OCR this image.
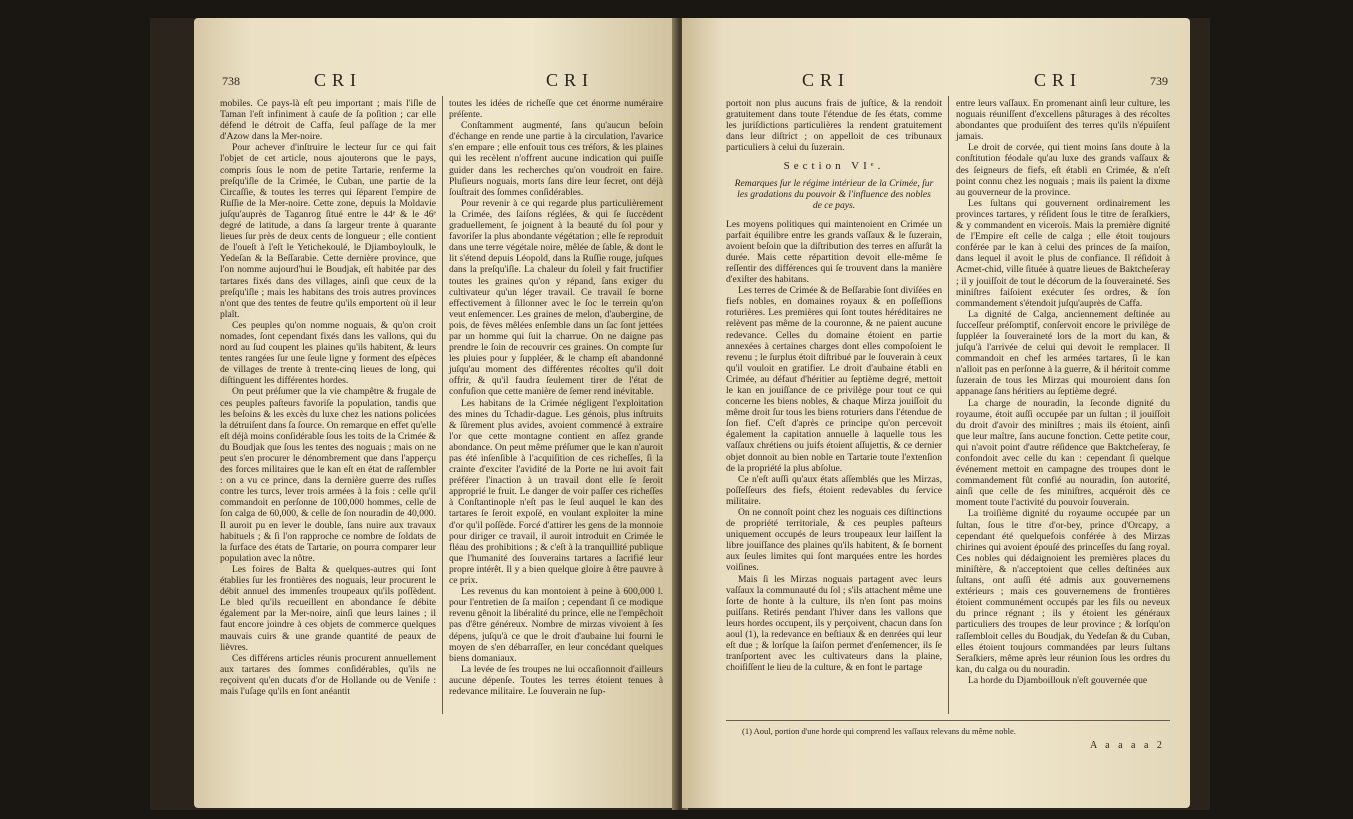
738	CRI	CRI

mobiles. Ce pays-là eſt peu important ; mais l'iſle de Taman l'eſt infiniment à cauſe de ſa poſition ; car elle défend le détroit de Caffa, ſeul paſſage de la mer d'Azow dans la Mer-noire.

Pour achever d'inſtruire le lecteur ſur ce qui fait l'objet de cet article, nous ajouterons que le pays, compris ſous le nom de petite Tartarie, renferme la preſqu'iſle de la Crimée, le Cuban, une partie de la Circaſſie, & toutes les terres qui ſéparent l'empire de Ruſſie de la Mer-noire. Cette zone, depuis la Moldavie juſqu'auprès de Taganrog ſitué entre le 44ᵉ & le 46ᵉ degré de latitude, a dans ſa largeur trente à quarante lieues ſur près de deux cents de longueur ; elle contient de l'oueſt à l'eſt le Yetichekoulé, le Djiamboyloulk, le Yedeſan & la Beſſarabie. Cette dernière province, que l'on nomme aujourd'hui le Boudjak, eſt habitée par des tartares fixés dans des villages, ainſi que ceux de la preſqu'iſle ; mais les habitans des trois autres provinces n'ont que des tentes de feutre qu'ils emportent où il leur plaît.

Ces peuples qu'on nomme noguais, & qu'on croit nomades, ſont cependant fixés dans les vallons, qui du nord au ſud coupent les plaines qu'ils habitent, & leurs tentes rangées ſur une ſeule ligne y forment des eſpèces de villages de trente à trente-cinq lieues de long, qui diſtinguent les différentes hordes.

On peut préſumer que la vie champêtre & frugale de ces peuples paſteurs favoriſe la population, tandis que les beſoins & les excès du luxe chez les nations policées la détruiſent dans ſa ſource. On remarque en effet qu'elle eſt déjà moins conſidérable ſous les toits de la Crimée & du Boudjak que ſous les tentes des noguais ; mais on ne peut s'en procurer le dénombrement que dans l'apperçu des forces militaires que le kan eſt en état de raſſembler : on a vu ce prince, dans la dernière guerre des ruſſes contre les turcs, lever trois armées à la fois : celle qu'il commandoit en perſonne de 100,000 hommes, celle de ſon calga de 60,000, & celle de ſon nouradin de 40,000. Il auroit pu en lever le double, ſans nuire aux travaux habituels ; & ſi l'on rapproche ce nombre de ſoldats de la ſurface des états de Tartarie, on pourra comparer leur population avec la nôtre.

Les foires de Balta & quelques-autres qui ſont établies ſur les frontières des noguais, leur procurent le débit annuel des immenſes troupeaux qu'ils poſſèdent. Le bled qu'ils recueillent en abondance ſe débite également par la Mer-noire, ainſi que leurs laines ; il faut encore joindre à ces objets de commerce quelques mauvais cuirs & une grande quantité de peaux de lièvres.

Ces différens articles réunis procurent annuellement aux tartares des ſommes conſidérables, qu'ils ne reçoivent qu'en ducats d'or de Hollande ou de Veniſe : mais l'uſage qu'ils en ſont anéantit

toutes les idées de richeſſe que cet énorme numéraire préſente.

Conſtamment augmenté, ſans qu'aucun beſoin d'échange en rende une partie à la circulation, l'avarice s'en empare ; elle enfouit tous ces tréſors, & les plaines qui les recèlent n'offrent aucune indication qui puiſſe guider dans les recherches qu'on voudroit en faire. Pluſieurs noguais, morts ſans dire leur ſecret, ont déjà ſouſtrait des ſommes conſidérables.

Pour revenir à ce qui regarde plus particulièrement la Crimée, des ſaiſons réglées, & qui ſe ſuccèdent graduellement, ſe joignent à la beauté du ſol pour y favoriſer la plus abondante végétation ; elle ſe reproduit dans une terre végétale noire, mêlée de ſable, & dont le lit s'étend depuis Léopold, dans la Ruſſie rouge, juſques dans la preſqu'iſle. La chaleur du ſoleil y fait fructifier toutes les graines qu'on y répand, ſans exiger du cultivateur qu'un léger travail. Ce travail ſe borne effectivement à ſillonner avec le ſoc le terrein qu'on veut enſemencer. Les graines de melon, d'aubergine, de pois, de fèves mêlées enſemble dans un ſac ſont jettées par un homme qui ſuit la charrue. On ne daigne pas prendre le ſoin de recouvrir ces graines. On compte ſur les pluies pour y ſuppléer, & le champ eſt abandonné juſqu'au moment des différentes récoltes qu'il doit offrir, & qu'il faudra ſeulement tirer de l'état de confuſion que cette manière de ſemer rend inévitable.

Les habitans de la Crimée négligent l'exploitation des mines du Tchadir-dague. Les génois, plus inſtruits & ſûrement plus avides, avoient commencé à extraire l'or que cette montagne contient en aſſez grande abondance. On peut même préſumer que le kan n'auroit pas été inſenſible à l'acquiſition de ces richeſſes, ſi la crainte d'exciter l'avidité de la Porte ne lui avoit fait préférer l'inaction à un travail dont elle ſe ſeroit approprié le fruit. Le danger de voir paſſer ces richeſſes à Conſtantinople n'eſt pas le ſeul auquel le kan des tartares ſe ſeroit expoſé, en voulant exploiter la mine d'or qu'il poſſède. Forcé d'attirer les gens de la monnoie pour diriger ce travail, il auroit introduit en Crimée le fléau des prohibitions ; & c'eſt à la tranquillité publique que l'humanité des ſouverains tartares a ſacrifié leur propre intérêt. Il y a bien quelque gloire à être pauvre à ce prix.

Les revenus du kan montoient à peine à 600,000 l. pour l'entretien de ſa maiſon ; cependant ſi ce modique revenu gênoit la libéralité du prince, elle ne l'empêchoit pas d'être généreux. Nombre de mirzas vivoient à ſes dépens, juſqu'à ce que le droit d'aubaine lui fourni le moyen de s'en débarraſſer, en leur concédant quelques biens domaniaux.

La levée de ſes troupes ne lui occaſionnoit d'ailleurs aucune dépenſe. Toutes les terres étoient tenues à redevance militaire. Le ſouverain ne ſup-

CRI	CRI	739

portoit non plus aucuns frais de juſtice, & la rendoit gratuitement dans toute l'étendue de ſes états, comme les juriſdictions particulières la rendent gratuitement dans leur diſtrict ; on appelloit de ces tribunaux particuliers à celui du ſuzerain.

Section VIᵉ.
Remarques ſur le régime intérieur de la Crimée, ſur les gradations du pouvoir & l'influence des nobles de ce pays.

Les moyens politiques qui maintenoient en Crimée un parfait équilibre entre les grands vaſſaux & le ſuzerain, avoient beſoin que la diſtribution des terres en aſſurât la durée. Mais cette répartition devoit elle-même ſe reſſentir des différences qui ſe trouvent dans la manière d'exiſter des habitans.

Les terres de Crimée & de Beſſarabie ſont diviſées en fiefs nobles, en domaines royaux & en poſſeſſions roturières. Les premières qui ſont toutes héréditaires ne relèvent pas même de la couronne, & ne paient aucune redevance. Celles du domaine étoient en partie annexées à certaines charges dont elles compoſoient le revenu ; le ſurplus étoit diſtribué par le ſouverain à ceux qu'il vouloit en gratifier. Le droit d'aubaine établi en Crimée, au défaut d'héritier au ſeptième degré, mettoit le kan en jouiſſance de ce privilège pour tout ce qui concerne les biens nobles, & chaque Mirza jouiſſoit du même droit ſur tous les biens roturiers dans l'étendue de ſon fief. C'eſt d'après ce principe qu'on percevoit également la capitation annuelle à laquelle tous les vaſſaux chrétiens ou juifs étoient aſſujettis, & ce dernier objet donnoit au bien noble en Tartarie toute l'extenſion de la propriété la plus abſolue.

Ce n'eſt auſſi qu'aux états aſſemblés que les Mirzas, poſſeſſeurs des fiefs, étoient redevables du ſervice militaire.

On ne connoît point chez les noguais ces diſtinctions de propriété territoriale, & ces peuples paſteurs uniquement occupés de leurs troupeaux leur laiſſent la libre jouiſſance des plaines qu'ils habitent, & ſe bornent aux ſeules limites qui ſont marquées entre les hordes voiſines.

Mais ſi les Mirzas noguais partagent avec leurs vaſſaux la communauté du ſol ; s'ils attachent même une ſorte de honte à la culture, ils n'en ſont pas moins puiſſans. Retirés pendant l'hiver dans les vallons que leurs hordes occupent, ils y perçoivent, chacun dans ſon aoul (1), la redevance en beſtiaux & en denrées qui leur eſt due ; & lorſque la ſaiſon permet d'enſemencer, ils ſe tranſportent avec les cultivateurs dans la plaine, choiſiſſent le lieu de la culture, & en font le partage

entre leurs vaſſaux. En promenant ainſi leur culture, les noguais réuniſſent d'excellens pâturages à des récoltes abondantes que produiſent des terres qu'ils n'épuiſent jamais.

Le droit de corvée, qui tient moins ſans doute à la conſtitution féodale qu'au luxe des grands vaſſaux & des ſeigneurs de fiefs, eſt établi en Crimée, & n'eſt point connu chez les noguais ; mais ils paient la dixme au gouverneur de la province.

Les ſultans qui gouvernent ordinairement les provinces tartares, y réſident ſous le titre de ſeraſkiers, & y commandent en viceroïs. Mais la première dignité de l'Empire eſt celle de calga ; elle étoit toujours conférée par le kan à celui des princes de ſa maiſon, dans lequel il avoit le plus de confiance. Il réſidoit à Acmet-chid, ville ſituée à quatre lieues de Baktcheſeray ; il y jouiſſoit de tout le décorum de la ſouveraineté. Ses miniſtres faiſoient exécuter ſes ordres, & ſon commandement s'étendoit juſqu'auprès de Caffa.

La dignité de Calga, anciennement deſtinée au ſucceſſeur préſomptif, conſervoit encore le privilège de ſuppléer la ſouveraineté lors de la mort du kan, & juſqu'à l'arrivée de celui qui devoit le remplacer. Il commandoit en chef les armées tartares, ſi le kan n'alloit pas en perſonne à la guerre, & il héritoit comme ſuzerain de tous les Mirzas qui mouroient dans ſon appanage ſans héritiers au ſeptième degré.

La charge de nouradin, la ſeconde dignité du royaume, étoit auſſi occupée par un ſultan ; il jouiſſoit du droit d'avoir des miniſtres ; mais ils étoient, ainſi que leur maître, ſans aucune fonction. Cette petite cour, qui n'avoit point d'autre réſidence que Baktcheſeray, ſe confondoit avec celle du kan : cependant ſi quelque événement mettoit en campagne des troupes dont le commandement fût confié au nouradin, ſon autorité, ainſi que celle de ſes miniſtres, acquéroit dès ce moment toute l'activité du pouvoir ſouverain.

La troiſième dignité du royaume occupée par un ſultan, ſous le titre d'or-bey, prince d'Orcapy, a cependant été quelquefois conférée à des Mirzas chirines qui avoient épouſé des princeſſes du ſang royal. Ces nobles qui dédaignoient les premières places du miniſtère, & n'acceptoient que celles deſtinées aux ſultans, ont auſſi été admis aux gouvernemens extérieurs ; mais ces gouvernemens de frontières étoient communément occupés par les fils ou neveux du prince régnant ; ils y étoient les généraux particuliers des troupes de leur province ; & lorſqu'on raſſembloit celles du Boudjak, du Yedeſan & du Cuban, elles étoient toujours commandées par leurs ſultans Seraſkiers, même après leur réunion ſous les ordres du kan, du calga ou du nouradin.

La horde du Djamboillouk n'eſt gouvernée que

(1) Aoul, portion d'une horde qui comprend les vaſſaux relevans du même noble.
A a a a a 2
